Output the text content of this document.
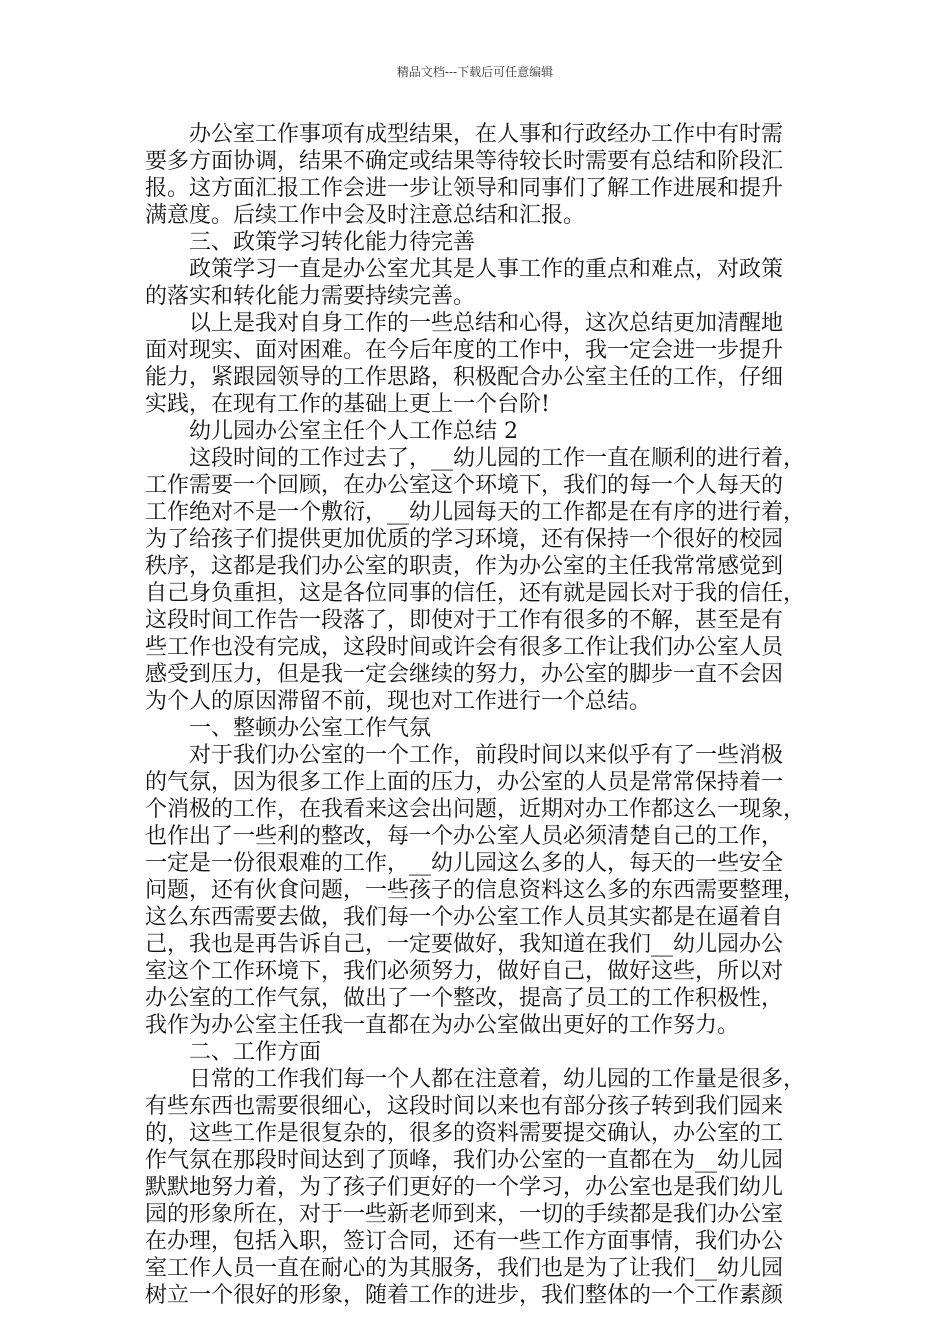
精品文档---下载后可任意编辑
　　办公室工作事项有成型结果，在人事和行政经办工作中有时需
要多方面协调，结果不确定或结果等待较长时需要有总结和阶段汇
报。这方面汇报工作会进一步让领导和同事们了解工作进展和提升
满意度。后续工作中会及时注意总结和汇报。
　　三、政策学习转化能力待完善
　　政策学习一直是办公室尤其是人事工作的重点和难点，对政策
的落实和转化能力需要持续完善。
　　以上是我对自身工作的一些总结和心得，这次总结更加清醒地
面对现实、面对困难。在今后年度的工作中，我一定会进一步提升
能力，紧跟园领导的工作思路，积极配合办公室主任的工作，仔细
实践，在现有工作的基础上更上一个台阶!
　　幼儿园办公室主任个人工作总结 2
　　这段时间的工作过去了，__幼儿园的工作一直在顺利的进行着，
工作需要一个回顾，在办公室这个环境下，我们的每一个人每天的
工作绝对不是一个敷衍，__幼儿园每天的工作都是在有序的进行着，
为了给孩子们提供更加优质的学习环境，还有保持一个很好的校园
秩序，这都是我们办公室的职责，作为办公室的主任我常常感觉到
自己身负重担，这是各位同事的信任，还有就是园长对于我的信任，
这段时间工作告一段落了，即使对于工作有很多的不解，甚至是有
些工作也没有完成，这段时间或许会有很多工作让我们办公室人员
感受到压力，但是我一定会继续的努力，办公室的脚步一直不会因
为个人的原因滞留不前，现也对工作进行一个总结。
　　一、整顿办公室工作气氛
　　对于我们办公室的一个工作，前段时间以来似乎有了一些消极
的气氛，因为很多工作上面的压力，办公室的人员是常常保持着一
个消极的工作，在我看来这会出问题，近期对办工作都这么一现象，
也作出了一些利的整改，每一个办公室人员必须清楚自己的工作，
一定是一份很艰难的工作，__幼儿园这么多的人，每天的一些安全
问题，还有伙食问题，一些孩子的信息资料这么多的东西需要整理，
这么东西需要去做，我们每一个办公室工作人员其实都是在逼着自
己，我也是再告诉自己，一定要做好，我知道在我们__幼儿园办公
室这个工作环境下，我们必须努力，做好自己，做好这些，所以对
办公室的工作气氛，做出了一个整改，提高了员工的工作积极性，
我作为办公室主任我一直都在为办公室做出更好的工作努力。
　　二、工作方面
　　日常的工作我们每一个人都在注意着，幼儿园的工作量是很多，
有些东西也需要很细心，这段时间以来也有部分孩子转到我们园来
的，这些工作是很复杂的，很多的资料需要提交确认，办公室的工
作气氛在那段时间达到了顶峰，我们办公室的一直都在为__幼儿园
默默地努力着，为了孩子们更好的一个学习，办公室也是我们幼儿
园的形象所在，对于一些新老师到来，一切的手续都是我们办公室
在办理，包括入职，签订合同，还有一些工作方面事情，我们办公
室工作人员一直在耐心的为其服务，我们也是为了让我们__幼儿园
树立一个很好的形象，随着工作的进步，我们整体的一个工作素颜
